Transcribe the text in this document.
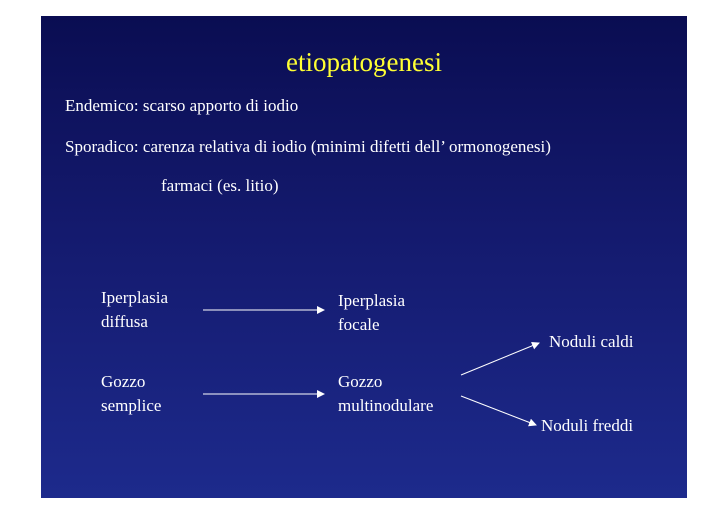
etiopatogenesi
Endemico: scarso apporto di iodio
Sporadico: carenza relativa di iodio (minimi difetti dell’ ormonogenesi)
farmaci (es. litio)
Iperplasia
diffusa
Iperplasia
focale
Noduli caldi
Gozzo
semplice
Gozzo
multinodulare
Noduli freddi
